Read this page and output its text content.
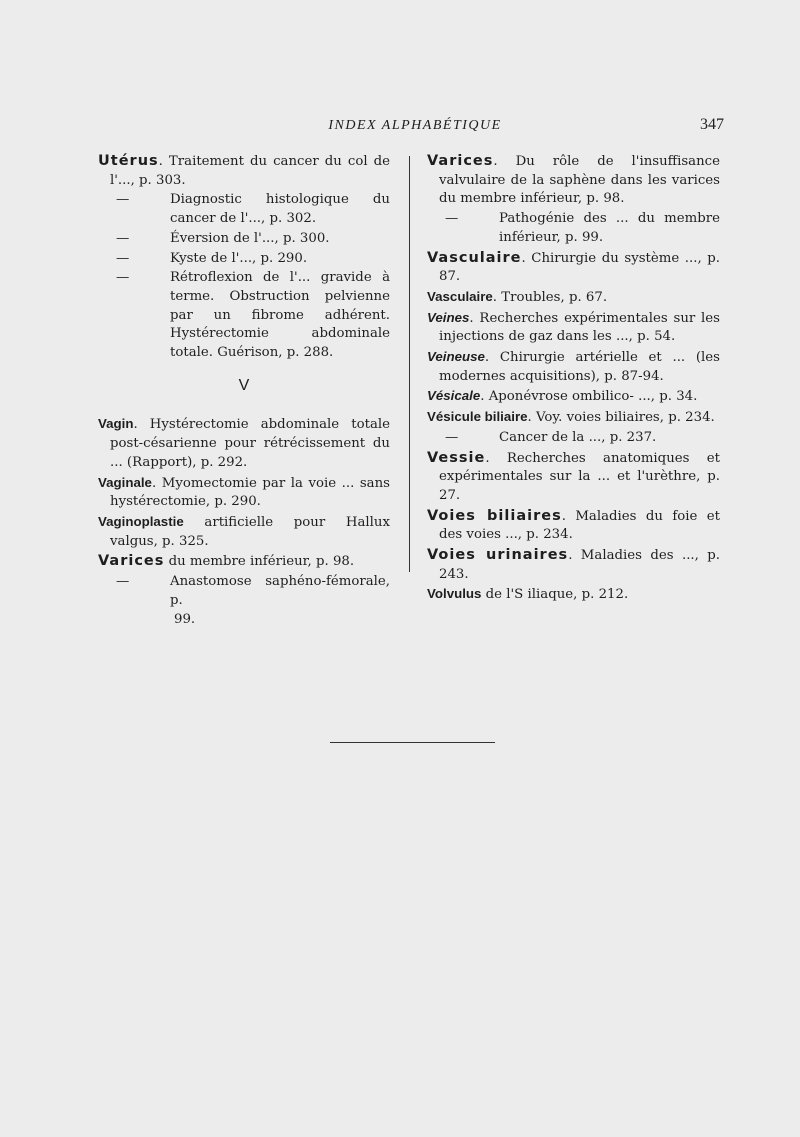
INDEX ALPHABÉTIQUE	347

Utérus. Traitement du cancer du col de l'..., p. 303.

—	Diagnostic histologique du cancer de l'..., p. 302.

—	Éversion de l'..., p. 300.

—	Kyste de l'..., p. 290.

—	Rétroflexion de l'... gravide à terme. Obstruction pelvienne par un fibrome adhérent. Hystérectomie abdominale totale. Guérison, p. 288.

V

Vagin. Hystérectomie abdominale totale post-césarienne pour rétrécissement du ... (Rapport), p. 292.

Vaginale. Myomectomie par la voie ... sans hystérectomie, p. 290.

Vaginoplastie artificielle pour Hallux valgus, p. 325.

Varices du membre inférieur, p. 98.

—	Anastomose saphéno-fémorale, p.

99.

Varices. Du rôle de l'insuffisance valvulaire de la saphène dans les varices du membre inférieur, p. 98.

—	Pathogénie des ... du membre inférieur, p. 99.

Vasculaire. Chirurgie du système ..., p. 87.

Vasculaire. Troubles, p. 67.

Veines. Recherches expérimentales sur les injections de gaz dans les ..., p. 54.

Veineuse. Chirurgie artérielle et ... (les modernes acquisitions), p. 87-94.

Vésicale. Aponévrose ombilico- ..., p. 34.

Vésicule biliaire. Voy. voies biliaires, p. 234.

—	Cancer de la ..., p. 237.

Vessie. Recherches anatomiques et expérimentales sur la ... et l'urèthre, p. 27.

Voies biliaires. Maladies du foie et des voies ..., p. 234.

Voies urinaires. Maladies des ..., p. 243.

Volvulus de l'S iliaque, p. 212.
